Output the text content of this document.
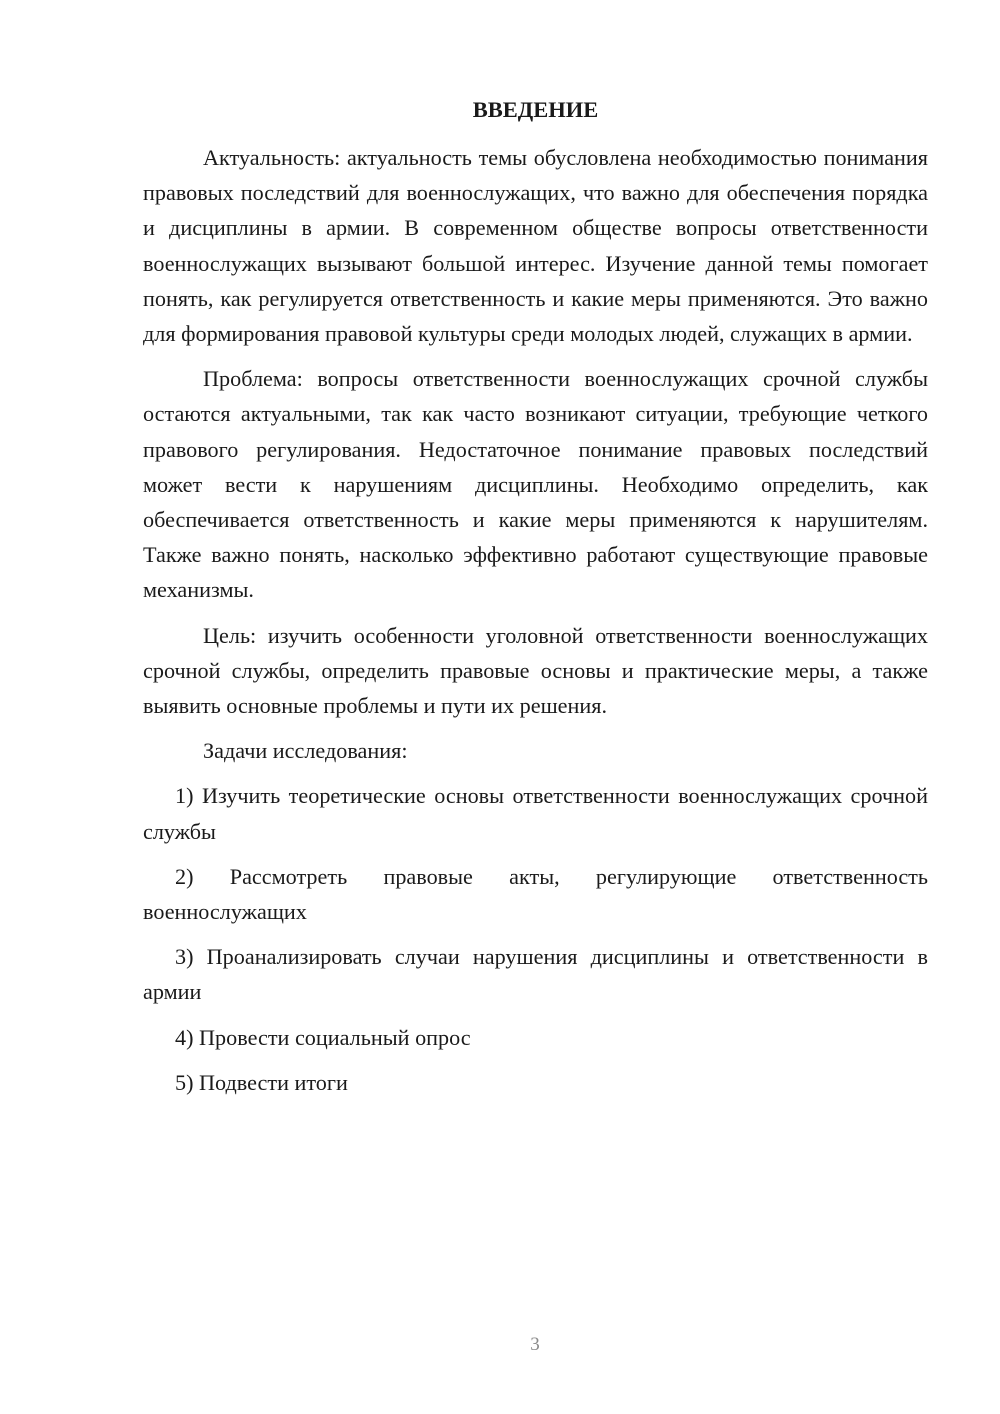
ВВЕДЕНИЕ

Актуальность: актуальность темы обусловлена необходимостью понимания правовых последствий для военнослужащих, что важно для обеспечения порядка и дисциплины в армии. В современном обществе вопросы ответственности военнослужащих вызывают большой интерес. Изучение данной темы помогает понять, как регулируется ответственность и какие меры применяются. Это важно для формирования правовой культуры среди молодых людей, служащих в армии.

Проблема: вопросы ответственности военнослужащих срочной службы остаются актуальными, так как часто возникают ситуации, требующие четкого правового регулирования. Недостаточное понимание правовых последствий может вести к нарушениям дисциплины. Необходимо определить, как обеспечивается ответственность и какие меры применяются к нарушителям. Также важно понять, насколько эффективно работают существующие правовые механизмы.

Цель: изучить особенности уголовной ответственности военнослужащих срочной службы, определить правовые основы и практические меры, а также выявить основные проблемы и пути их решения.

Задачи исследования:

1) Изучить теоретические основы ответственности военнослужащих срочной службы

2) Рассмотреть правовые акты, регулирующие ответственность военнослужащих

3) Проанализировать случаи нарушения дисциплины и ответственности в армии

4) Провести социальный опрос

5) Подвести итоги

3
